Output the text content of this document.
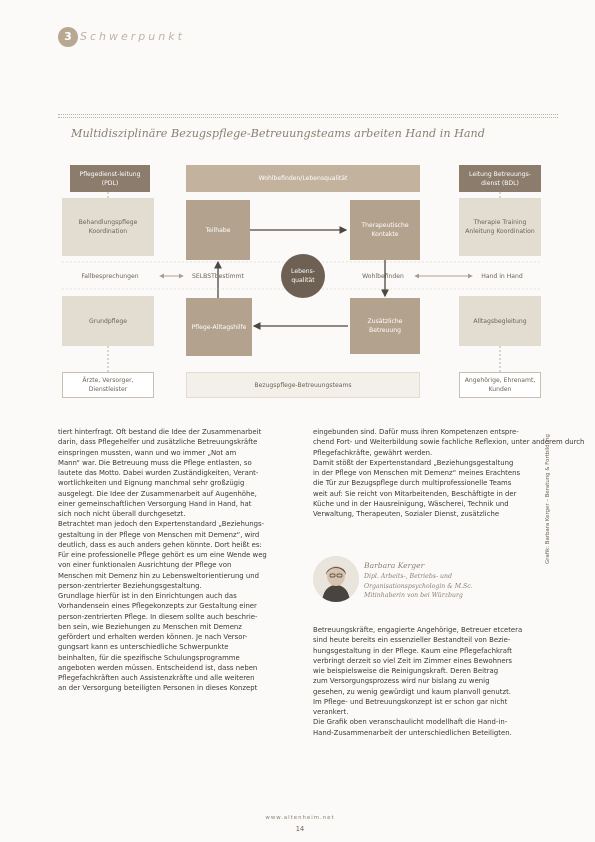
3 Schwerpunkt
Multidisziplinäre Bezugspflege-Betreuungsteams arbeiten Hand in Hand
Pflegedienst-leitung (PDL)
Wohlbefinden/Lebensqualität
Leitung Betreuungs-dienst (BDL)
Behandlungspflege Koordination	Teilhabe
Therapeutische Kontakte
Therapie Training Anleitung Koordination
Fallbesprechungen	SELBSTbestimmt
Lebens-qualität
Wohlbefinden	Hand in Hand
Grundpflege
Pflege-Alltagshilfe
Zusätzliche Betreuung
Alltagsbegleitung
Ärzte, Versorger, Dienstleister
Bezugspflege-Betreuungsteams
Angehörige, Ehrenamt, Kunden
Grafik: Barbara Kerger – Beratung & Fortbildung
tiert hinterfragt. Oft bestand die Idee der Zusammenarbeit
darin, dass Pflegehelfer und zusätzliche Betreuungskräfte
einspringen mussten, wann und wo immer „Not am
Mann“ war. Die Betreuung muss die Pflege entlasten, so
lautete das Motto. Dabei wurden Zuständigkeiten, Verant-
wortlichkeiten und Eignung manchmal sehr großzügig
ausgelegt. Die Idee der Zusammenarbeit auf Augenhöhe,
einer gemeinschaftlichen Versorgung Hand in Hand, hat
sich noch nicht überall durchgesetzt.
Betrachtet man jedoch den Expertenstandard „Beziehungs-
gestaltung in der Pflege von Menschen mit Demenz“, wird
deutlich, dass es auch anders gehen könnte. Dort heißt es:
Für eine professionelle Pflege gehört es um eine Wende weg
von einer funktionalen Ausrichtung der Pflege von
Menschen mit Demenz hin zu Lebensweltorientierung und
person-zentrierter Beziehungsgestaltung.
Grundlage hierfür ist in den Einrichtungen auch das
Vorhandensein eines Pflegekonzepts zur Gestaltung einer
person-zentrierten Pflege. In diesem sollte auch beschrie-
ben sein, wie Beziehungen zu Menschen mit Demenz
gefördert und erhalten werden können. Je nach Versor-
gungsart kann es unterschiedliche Schwerpunkte
beinhalten, für die spezifische Schulungsprogramme
angeboten werden müssen. Entscheidend ist, dass neben
Pflegefachkräften auch Assistenzkräfte und alle weiteren
an der Versorgung beteiligten Personen in dieses Konzept
eingebunden sind. Dafür muss ihren Kompetenzen entspre-
chend Fort- und Weiterbildung sowie fachliche Reflexion, unter anderem durch
Pflegefachkräfte, gewährt werden.
Damit stößt der Expertenstandard „Beziehungsgestaltung
in der Pflege von Menschen mit Demenz“ meines Erachtens
die Tür zur Bezugspflege durch multiprofessionelle Teams
weit auf: Sie reicht von Mitarbeitenden, Beschäftigte in der
Küche und in der Hausreinigung, Wäscherei, Technik und
Verwaltung, Therapeuten, Sozialer Dienst, zusätzliche
Barbara Kerger
Dipl. Arbeits-, Betriebs- und
Organisationspsychologin & M.Sc.
Mitinhaberin von bei Würzburg
Betreuungskräfte, engagierte Angehörige, Betreuer etcetera
sind heute bereits ein essenzieller Bestandteil von Bezie-
hungsgestaltung in der Pflege. Kaum eine Pflegefachkraft
verbringt derzeit so viel Zeit im Zimmer eines Bewohners
wie beispielsweise die Reinigungskraft. Deren Beitrag
zum Versorgungsprozess wird nur bislang zu wenig
gesehen, zu wenig gewürdigt und kaum planvoll genutzt.
Im Pflege- und Betreuungskonzept ist er schon gar nicht
verankert.
Die Grafik oben veranschaulicht modellhaft die Hand-in-
Hand-Zusammenarbeit der unterschiedlichen Beteiligten.
www.altenheim.net
14
